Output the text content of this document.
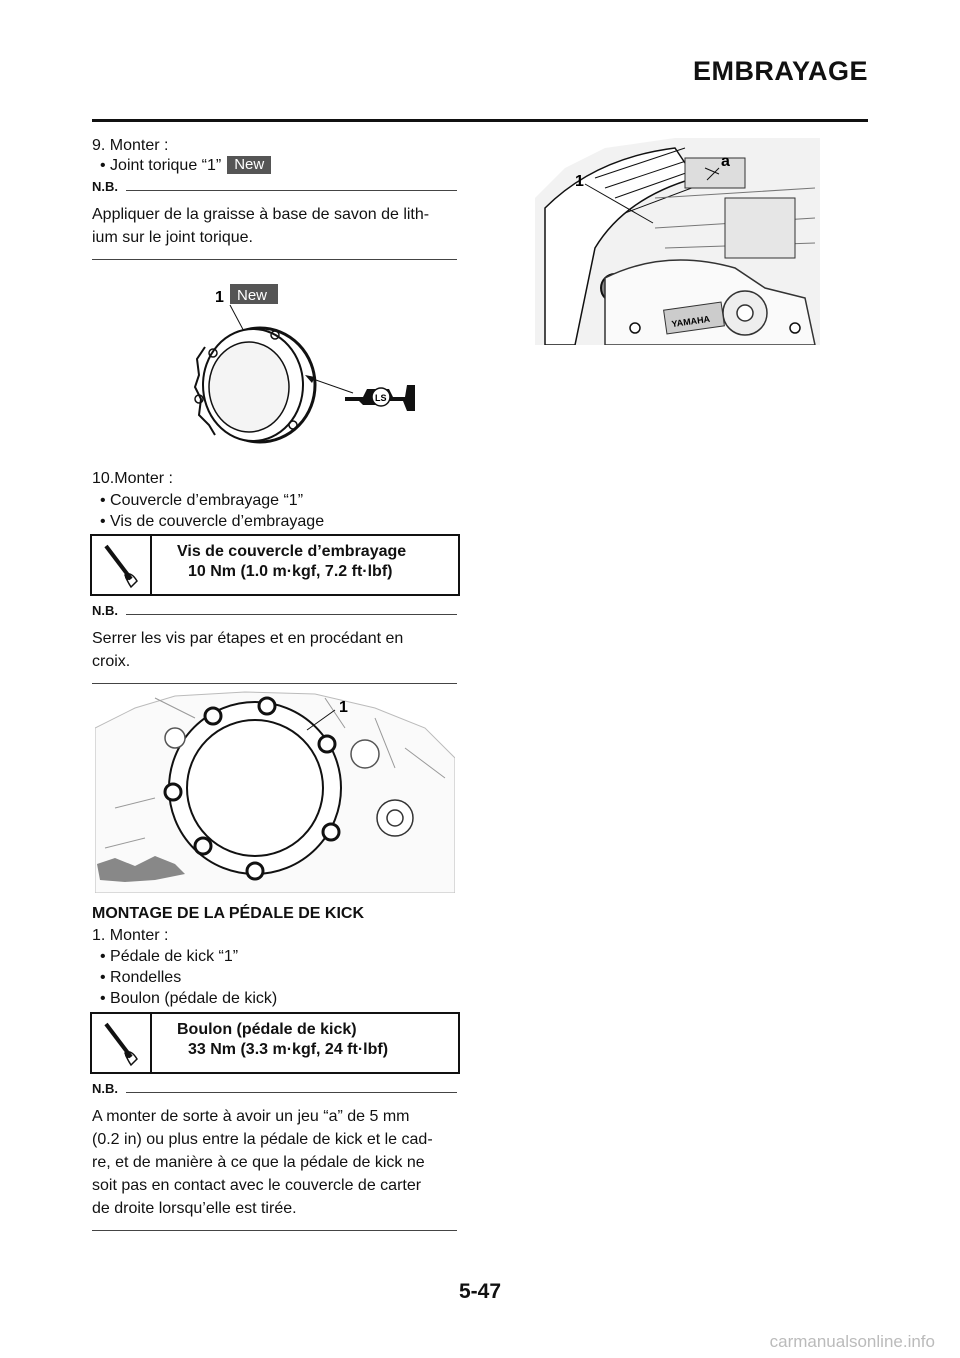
EMBRAYAGE
9. Monter :
• Joint torique “1” New
N.B.
Appliquer de la graisse à base de savon de lith-
ium sur le joint torique.
1 New
LS
10.Monter :
• Couvercle d’embrayage “1”
• Vis de couvercle d’embrayage
Vis de couvercle d’embrayage
10 Nm (1.0 m·kgf, 7.2 ft·lbf)
N.B.
Serrer les vis par étapes et en procédant en
croix.
1
MONTAGE DE LA PÉDALE DE KICK
1. Monter :
• Pédale de kick “1”
• Rondelles
• Boulon (pédale de kick)
Boulon (pédale de kick)
33 Nm (3.3 m·kgf, 24 ft·lbf)
N.B.
A monter de sorte à avoir un jeu “a” de 5 mm
(0.2 in) ou plus entre la pédale de kick et le cad-
re, et de manière à ce que la pédale de kick ne
soit pas en contact avec le couvercle de carter
de droite lorsqu’elle est tirée.
YAMAHA
1
a
5-47
carmanualsonline.info
